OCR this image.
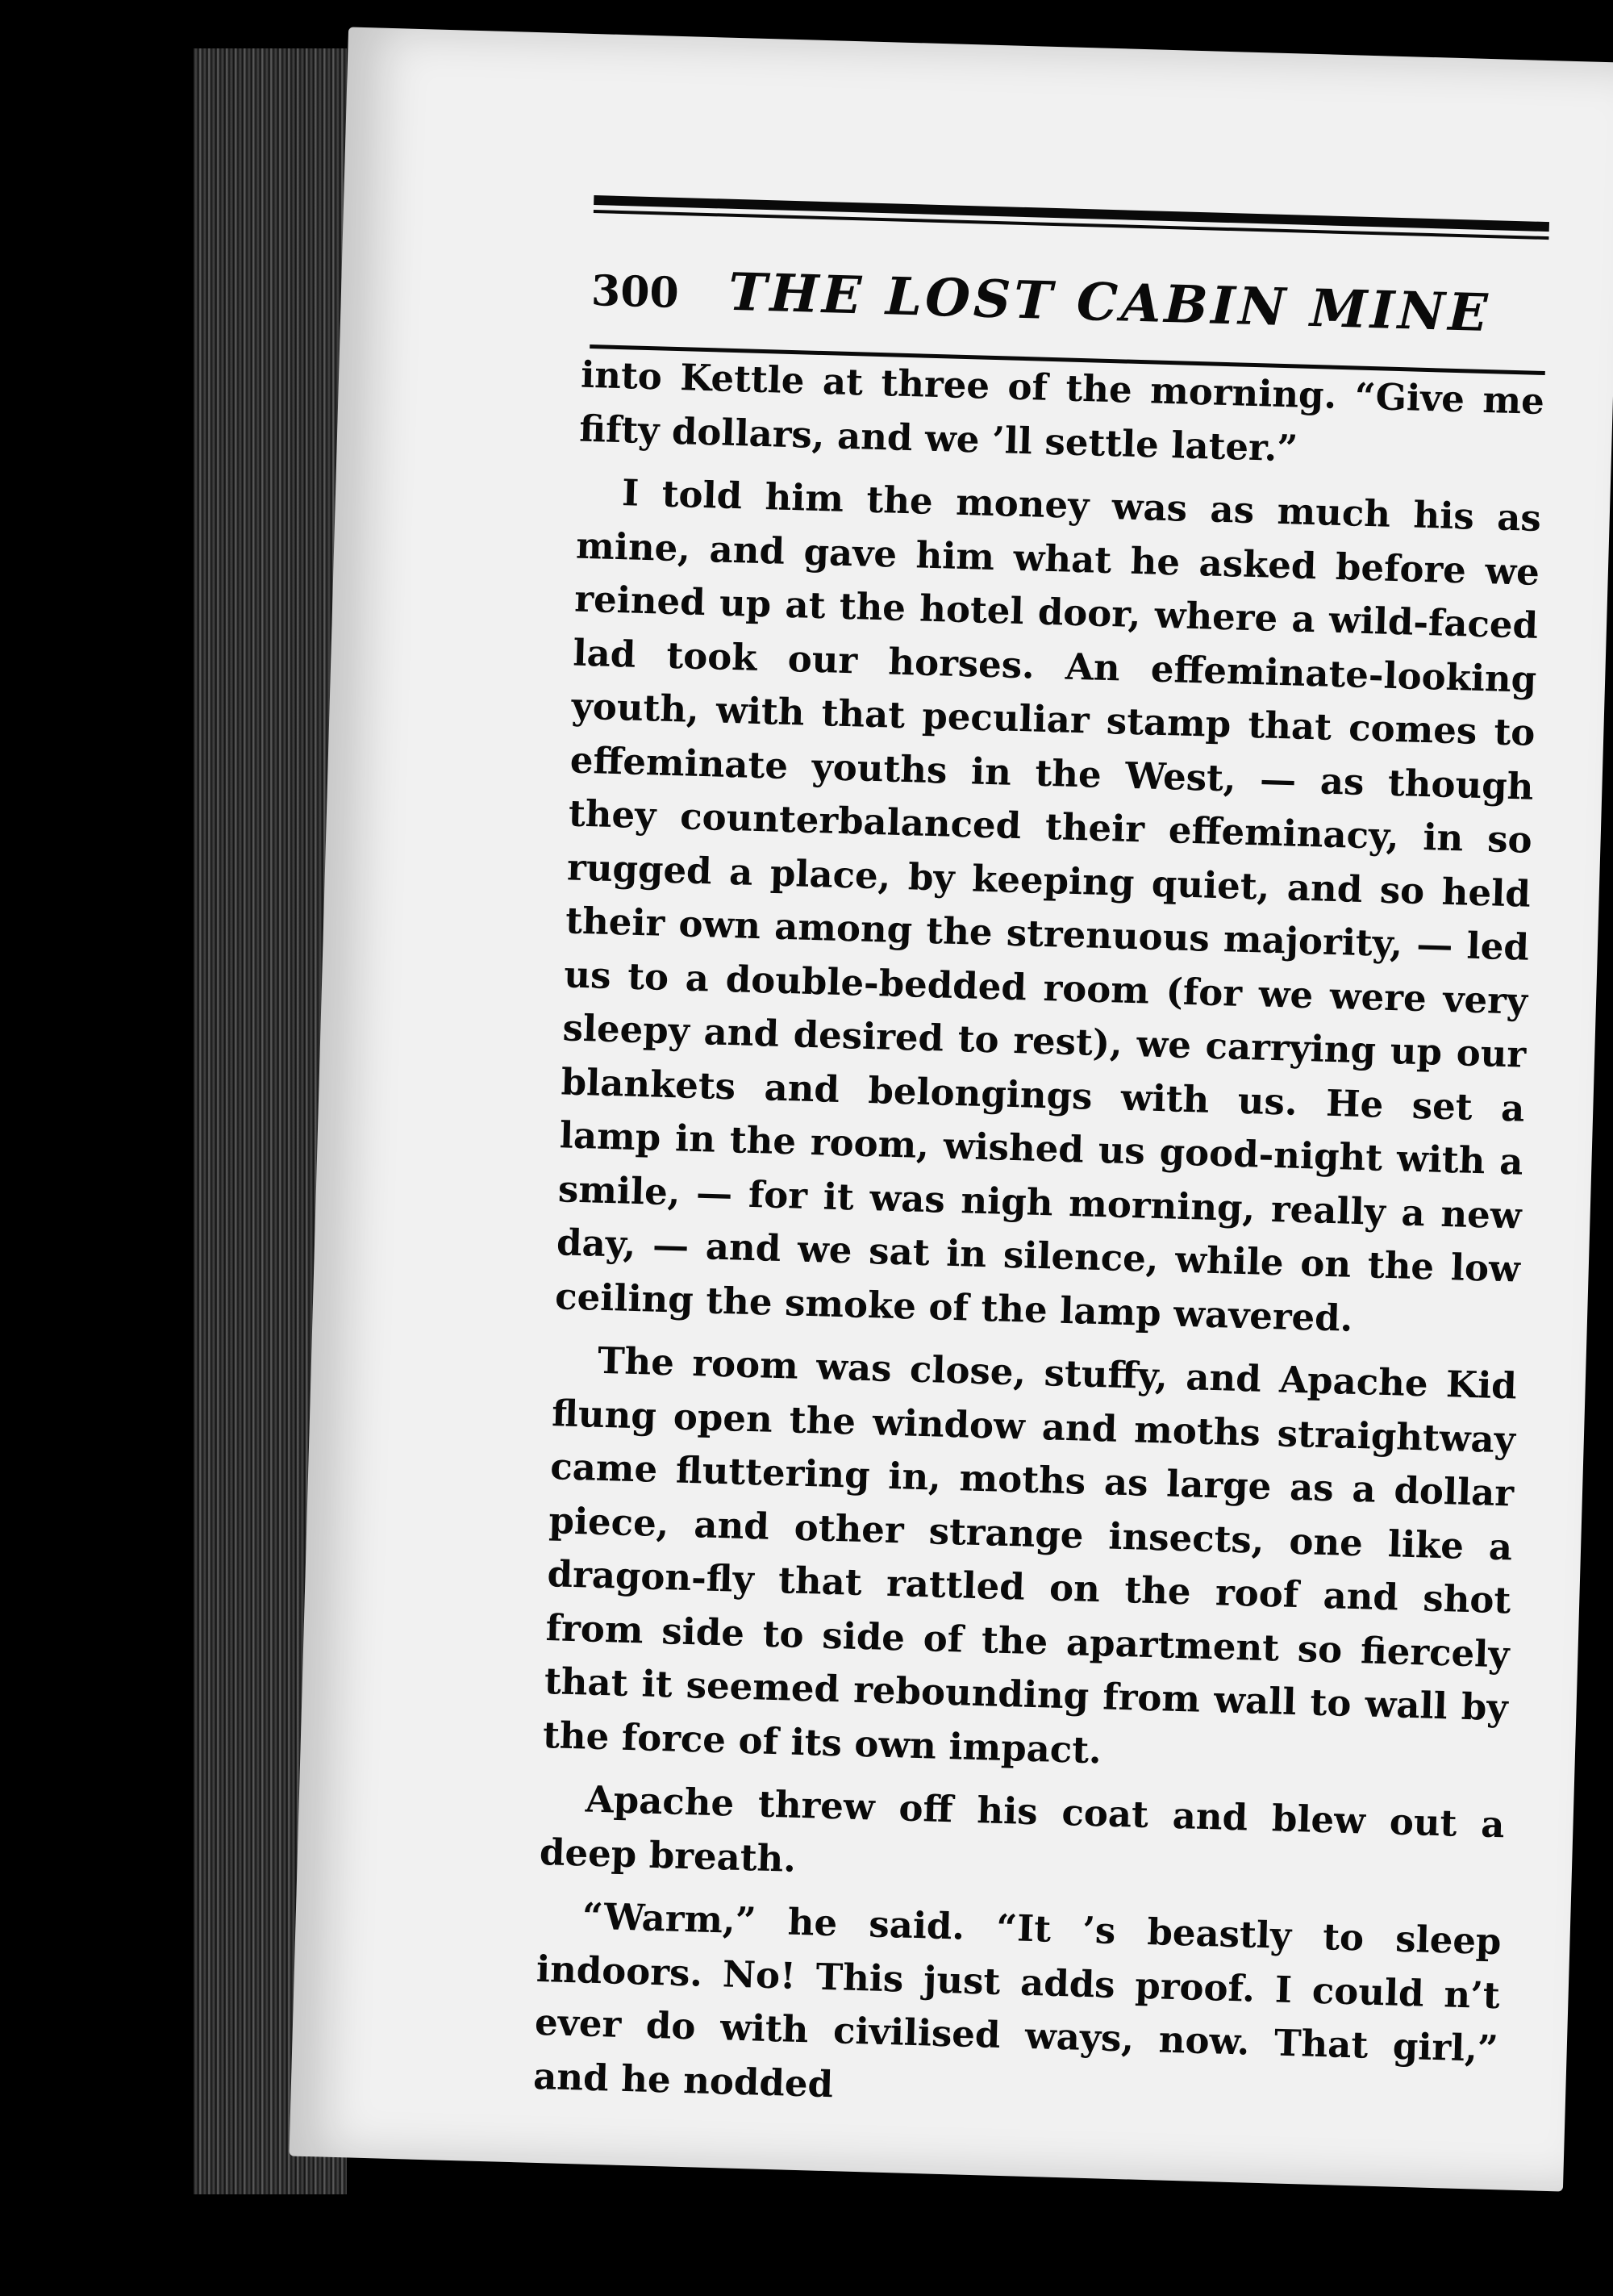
300 THE LOST CABIN MINE

into Kettle at three of the morning. “Give me fifty dollars, and we ’ll settle later.”

I told him the money was as much his as mine, and gave him what he asked before we reined up at the hotel door, where a wild-faced lad took our horses. An effeminate-looking youth, with that peculiar stamp that comes to effeminate youths in the West, — as though they counterbalanced their effeminacy, in so rugged a place, by keeping quiet, and so held their own among the strenuous majority, — led us to a double-bedded room (for we were very sleepy and desired to rest), we carrying up our blankets and belongings with us. He set a lamp in the room, wished us good-night with a smile, — for it was nigh morning, really a new day, — and we sat in silence, while on the low ceiling the smoke of the lamp wavered.

The room was close, stuffy, and Apache Kid flung open the window and moths straightway came fluttering in, moths as large as a dollar piece, and other strange insects, one like a dragon-fly that rattled on the roof and shot from side to side of the apartment so fiercely that it seemed rebounding from wall to wall by the force of its own impact.

Apache threw off his coat and blew out a deep breath.

“Warm,” he said. “It ’s beastly to sleep indoors. No! This just adds proof. I could n’t ever do with civilised ways, now. That girl,” and he nodded
